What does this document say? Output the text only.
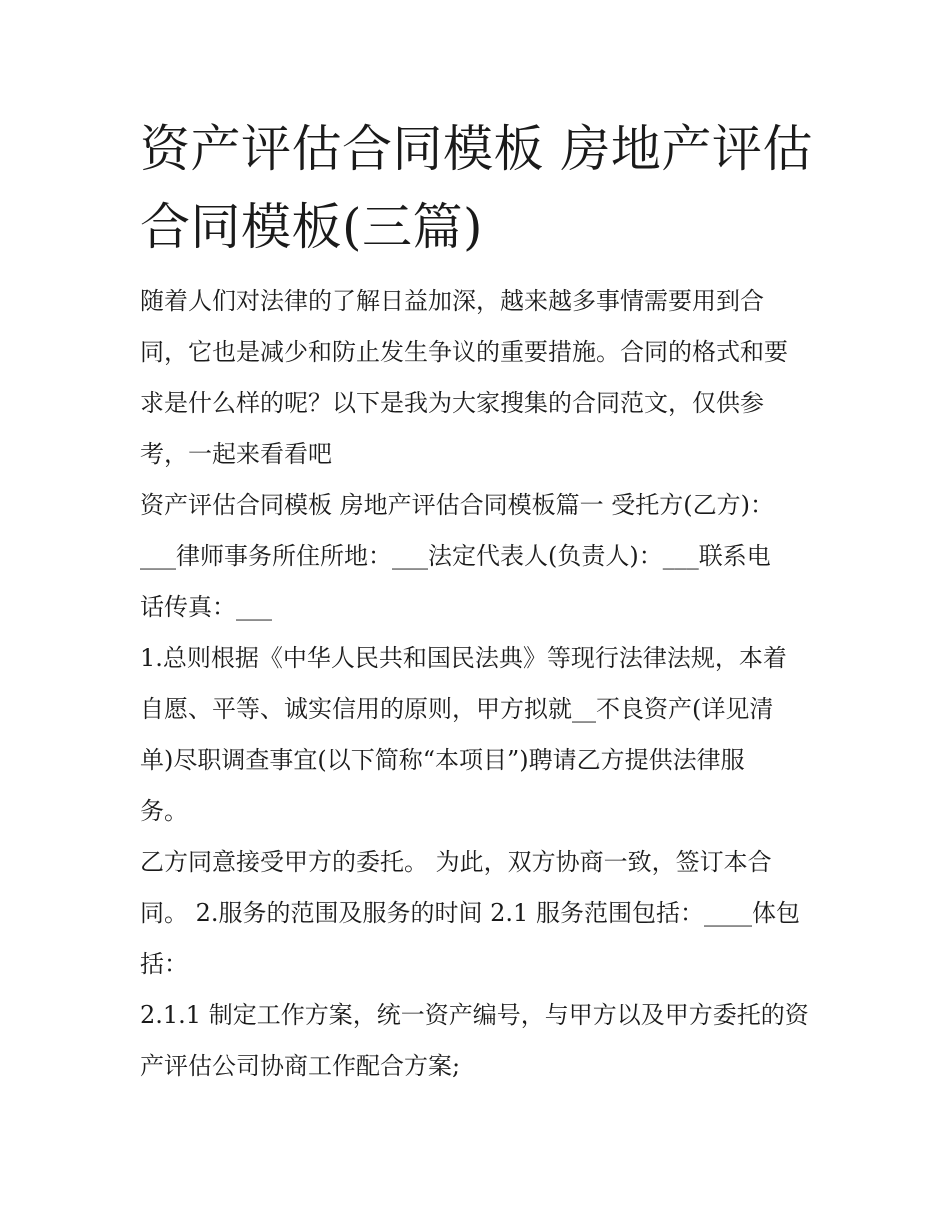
资产评估合同模板 房地产评估
合同模板(三篇)
随着人们对法律的了解日益加深，越来越多事情需要用到合
同，它也是减少和防止发生争议的重要措施。合同的格式和要
求是什么样的呢？以下是我为大家搜集的合同范文，仅供参
考，一起来看看吧
资产评估合同模板 房地产评估合同模板篇一 受托方(乙方)：
___律师事务所住所地：___法定代表人(负责人)：___联系电
话传真：___
1.总则根据《中华人民共和国民法典》等现行法律法规，本着
自愿、平等、诚实信用的原则，甲方拟就__不良资产(详见清
单)尽职调查事宜(以下简称“本项目”)聘请乙方提供法律服
务。
乙方同意接受甲方的委托。 为此，双方协商一致，签订本合
同。 2.服务的范围及服务的时间 2.1 服务范围包括：____体包
括：
2.1.1 制定工作方案，统一资产编号，与甲方以及甲方委托的资
产评估公司协商工作配合方案;
